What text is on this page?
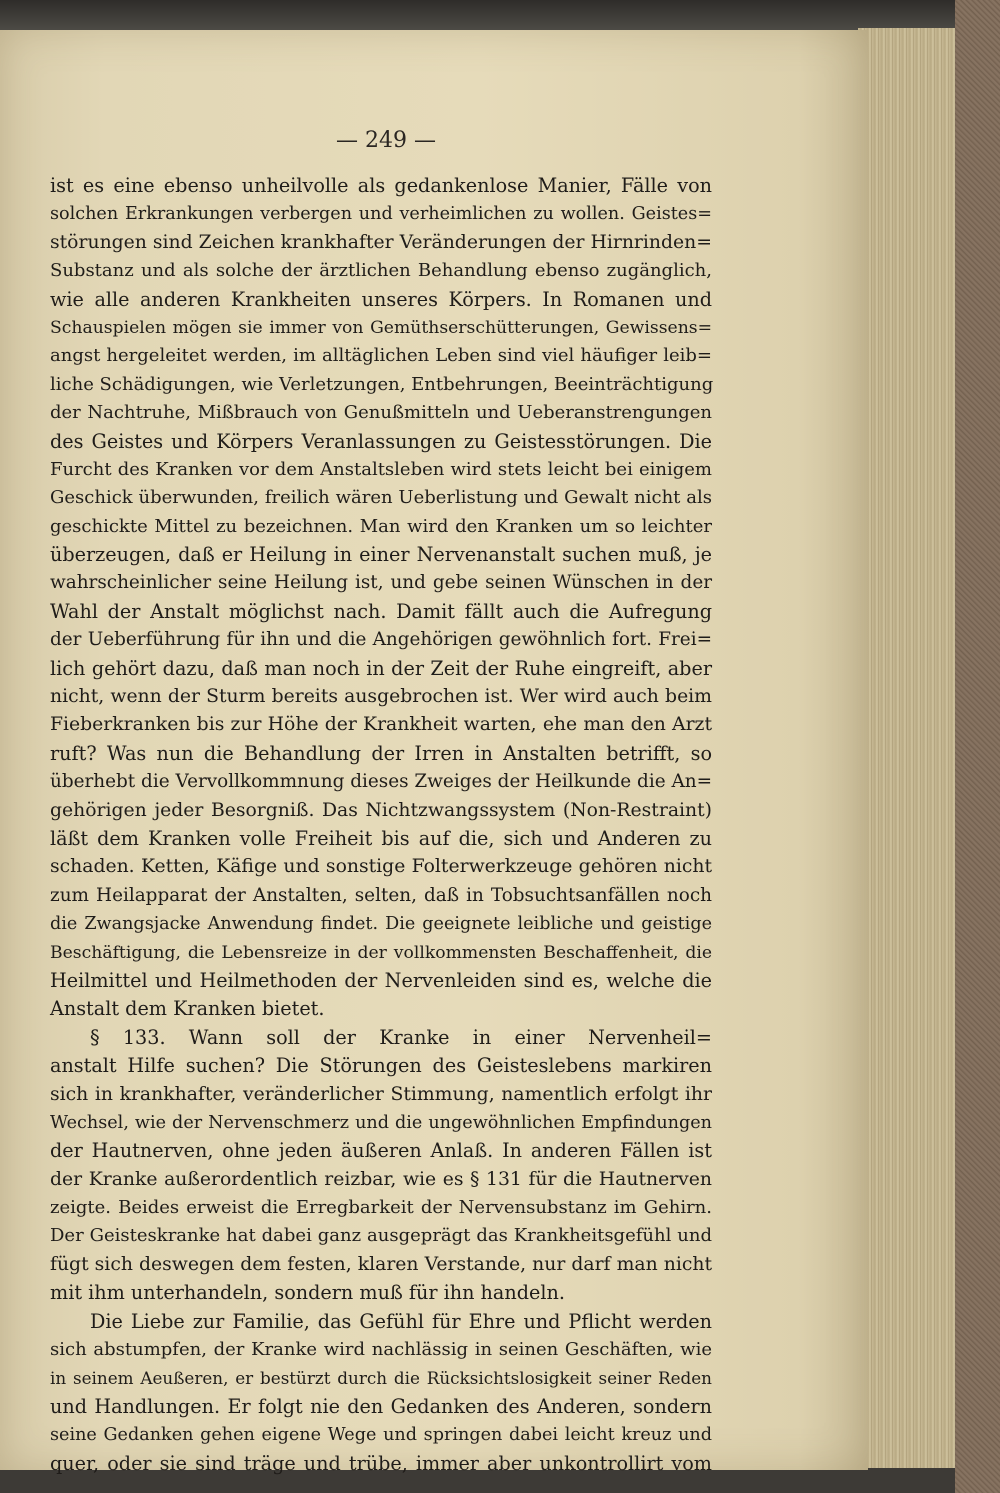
— 249 —
ist es eine ebenso unheilvolle als gedankenlose Manier, Fälle von
solchen Erkrankungen verbergen und verheimlichen zu wollen. Geistes=
störungen sind Zeichen krankhafter Veränderungen der Hirnrinden=
Substanz und als solche der ärztlichen Behandlung ebenso zugänglich,
wie alle anderen Krankheiten unseres Körpers. In Romanen und
Schauspielen mögen sie immer von Gemüthserschütterungen, Gewissens=
angst hergeleitet werden, im alltäglichen Leben sind viel häufiger leib=
liche Schädigungen, wie Verletzungen, Entbehrungen, Beeinträchtigung
der Nachtruhe, Mißbrauch von Genußmitteln und Ueberanstrengungen
des Geistes und Körpers Veranlassungen zu Geistesstörungen. Die
Furcht des Kranken vor dem Anstaltsleben wird stets leicht bei einigem
Geschick überwunden, freilich wären Ueberlistung und Gewalt nicht als
geschickte Mittel zu bezeichnen. Man wird den Kranken um so leichter
überzeugen, daß er Heilung in einer Nervenanstalt suchen muß, je
wahrscheinlicher seine Heilung ist, und gebe seinen Wünschen in der
Wahl der Anstalt möglichst nach. Damit fällt auch die Aufregung
der Ueberführung für ihn und die Angehörigen gewöhnlich fort. Frei=
lich gehört dazu, daß man noch in der Zeit der Ruhe eingreift, aber
nicht, wenn der Sturm bereits ausgebrochen ist. Wer wird auch beim
Fieberkranken bis zur Höhe der Krankheit warten, ehe man den Arzt
ruft? Was nun die Behandlung der Irren in Anstalten betrifft, so
überhebt die Vervollkommnung dieses Zweiges der Heilkunde die An=
gehörigen jeder Besorgniß. Das Nichtzwangssystem (Non-Restraint)
läßt dem Kranken volle Freiheit bis auf die, sich und Anderen zu
schaden. Ketten, Käfige und sonstige Folterwerkzeuge gehören nicht
zum Heilapparat der Anstalten, selten, daß in Tobsuchtsanfällen noch
die Zwangsjacke Anwendung findet. Die geeignete leibliche und geistige
Beschäftigung, die Lebensreize in der vollkommensten Beschaffenheit, die
Heilmittel und Heilmethoden der Nervenleiden sind es, welche die
Anstalt dem Kranken bietet.
§ 133. Wann soll der Kranke in einer Nervenheil=
anstalt Hilfe suchen? Die Störungen des Geisteslebens markiren
sich in krankhafter, veränderlicher Stimmung, namentlich erfolgt ihr
Wechsel, wie der Nervenschmerz und die ungewöhnlichen Empfindungen
der Hautnerven, ohne jeden äußeren Anlaß. In anderen Fällen ist
der Kranke außerordentlich reizbar, wie es § 131 für die Hautnerven
zeigte. Beides erweist die Erregbarkeit der Nervensubstanz im Gehirn.
Der Geisteskranke hat dabei ganz ausgeprägt das Krankheitsgefühl und
fügt sich deswegen dem festen, klaren Verstande, nur darf man nicht
mit ihm unterhandeln, sondern muß für ihn handeln.
Die Liebe zur Familie, das Gefühl für Ehre und Pflicht werden
sich abstumpfen, der Kranke wird nachlässig in seinen Geschäften, wie
in seinem Aeußeren, er bestürzt durch die Rücksichtslosigkeit seiner Reden
und Handlungen. Er folgt nie den Gedanken des Anderen, sondern
seine Gedanken gehen eigene Wege und springen dabei leicht kreuz und
quer, oder sie sind träge und trübe, immer aber unkontrollirt vom
